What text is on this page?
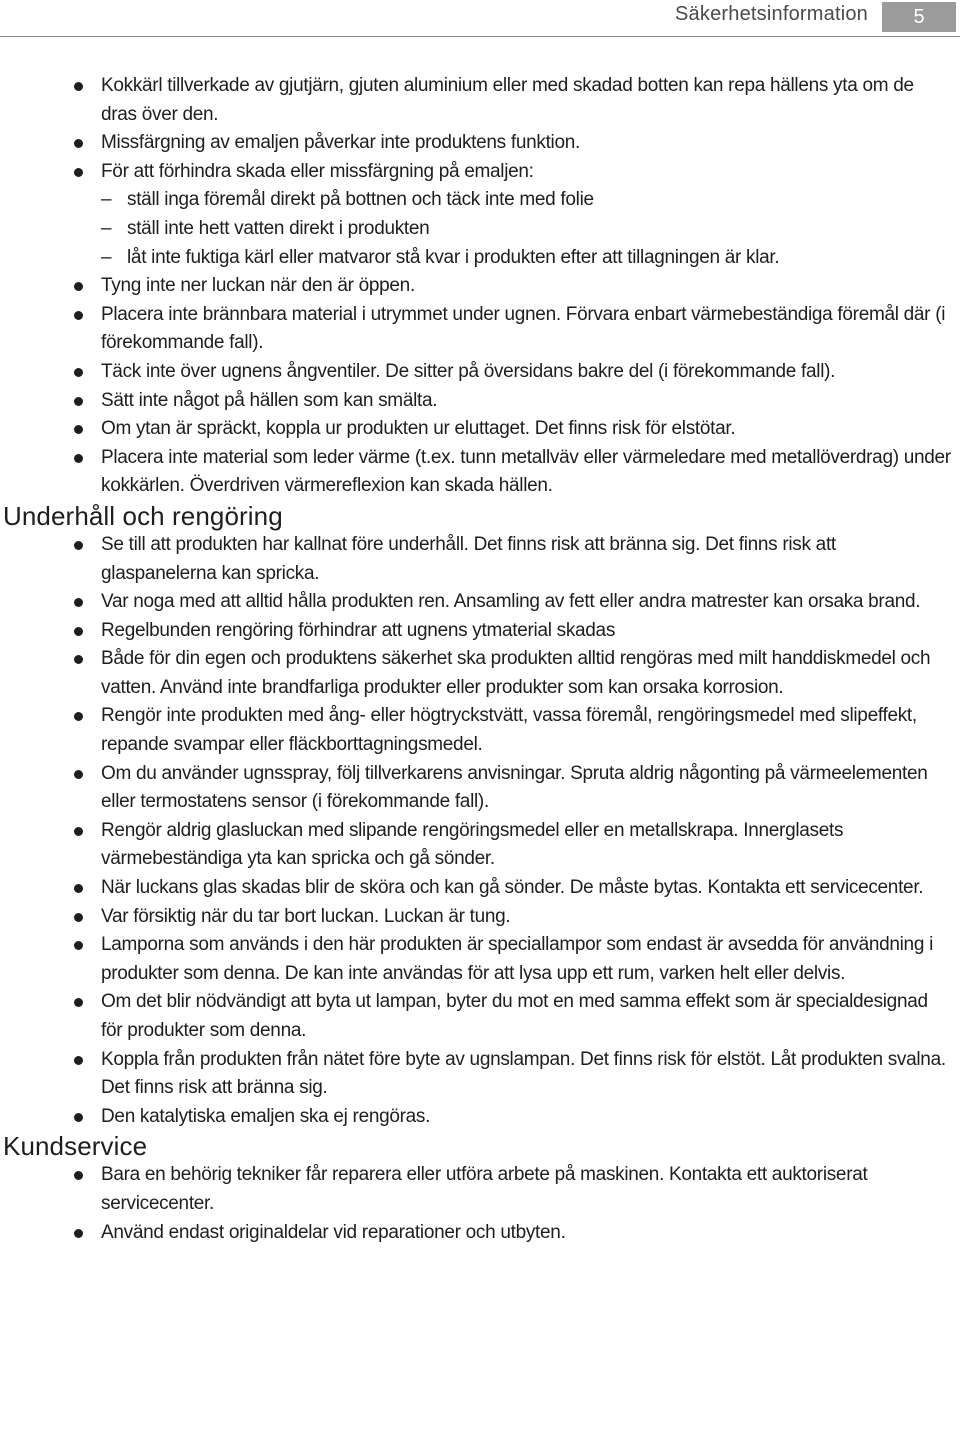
Säkerhetsinformation	5
Kokkärl tillverkade av gjutjärn, gjuten aluminium eller med skadad botten kan repa hällens yta om de dras över den.
Missfärgning av emaljen påverkar inte produktens funktion.
För att förhindra skada eller missfärgning på emaljen:
– ställ inga föremål direkt på bottnen och täck inte med folie
– ställ inte hett vatten direkt i produkten
– låt inte fuktiga kärl eller matvaror stå kvar i produkten efter att tillagningen är klar.
Tyng inte ner luckan när den är öppen.
Placera inte brännbara material i utrymmet under ugnen. Förvara enbart värmebeständiga föremål där (i förekommande fall).
Täck inte över ugnens ångventiler. De sitter på översidans bakre del (i förekommande fall).
Sätt inte något på hällen som kan smälta.
Om ytan är spräckt, koppla ur produkten ur eluttaget. Det finns risk för elstötar.
Placera inte material som leder värme (t.ex. tunn metallväv eller värmeledare med metallöverdrag) under kokkärlen. Överdriven värmereflexion kan skada hällen.
Underhåll och rengöring
Se till att produkten har kallnat före underhåll. Det finns risk att bränna sig. Det finns risk att glaspanelerna kan spricka.
Var noga med att alltid hålla produkten ren. Ansamling av fett eller andra matrester kan orsaka brand.
Regelbunden rengöring förhindrar att ugnens ytmaterial skadas
Både för din egen och produktens säkerhet ska produkten alltid rengöras med milt handdiskmedel och vatten. Använd inte brandfarliga produkter eller produkter som kan orsaka korrosion.
Rengör inte produkten med ång- eller högtryckstvätt, vassa föremål, rengöringsmedel med slipeffekt, repande svampar eller fläckborttagningsmedel.
Om du använder ugnsspray, följ tillverkarens anvisningar. Spruta aldrig någonting på värmeelementen eller termostatens sensor (i förekommande fall).
Rengör aldrig glasluckan med slipande rengöringsmedel eller en metallskrapa. Innerglasets värmebeständiga yta kan spricka och gå sönder.
När luckans glas skadas blir de sköra och kan gå sönder. De måste bytas. Kontakta ett servicecenter.
Var försiktig när du tar bort luckan. Luckan är tung.
Lamporna som används i den här produkten är speciallampor som endast är avsedda för användning i produkter som denna. De kan inte användas för att lysa upp ett rum, varken helt eller delvis.
Om det blir nödvändigt att byta ut lampan, byter du mot en med samma effekt som är specialdesignad för produkter som denna.
Koppla från produkten från nätet före byte av ugnslampan. Det finns risk för elstöt. Låt produkten svalna. Det finns risk att bränna sig.
Den katalytiska emaljen ska ej rengöras.
Kundservice
Bara en behörig tekniker får reparera eller utföra arbete på maskinen. Kontakta ett auktoriserat servicecenter.
Använd endast originaldelar vid reparationer och utbyten.
